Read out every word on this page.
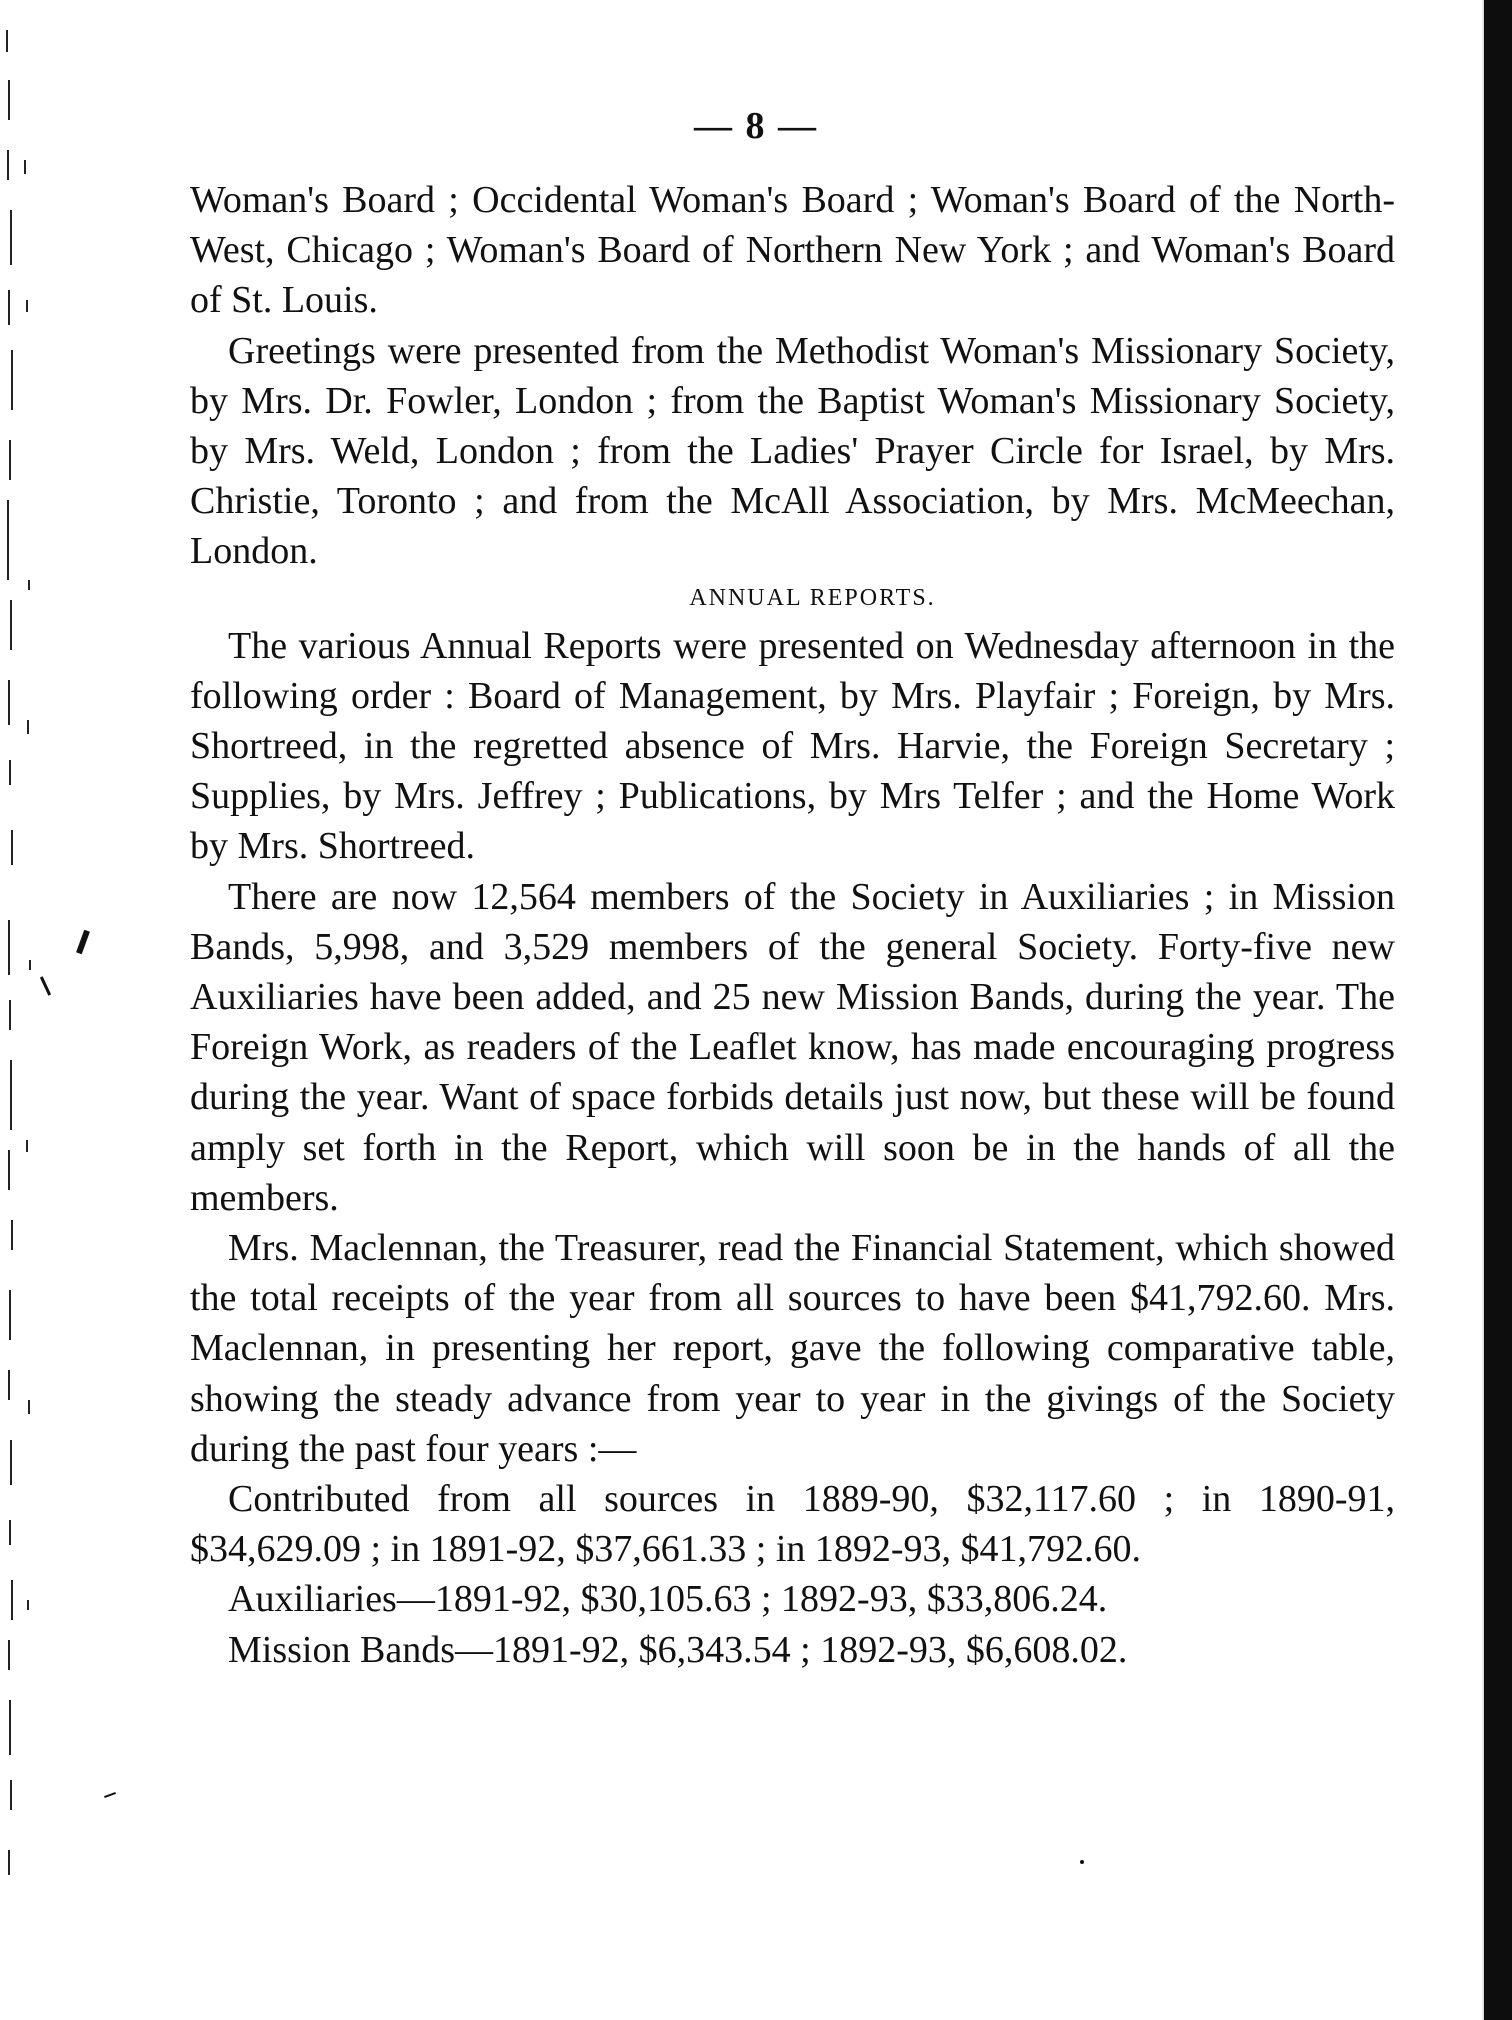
— 8 —

Woman's Board ; Occidental Woman's Board ; Woman's Board of the North-West, Chicago ; Woman's Board of Northern New York ; and Woman's Board of St. Louis.

Greetings were presented from the Methodist Woman's Missionary Society, by Mrs. Dr. Fowler, London ; from the Baptist Woman's Missionary Society, by Mrs. Weld, London ; from the Ladies' Prayer Circle for Israel, by Mrs. Christie, Toronto ; and from the McAll Association, by Mrs. McMeechan, London.

ANNUAL REPORTS.

The various Annual Reports were presented on Wednesday afternoon in the following order : Board of Management, by Mrs. Playfair ; Foreign, by Mrs. Shortreed, in the regretted absence of Mrs. Harvie, the Foreign Secretary ; Supplies, by Mrs. Jeffrey ; Publications, by Mrs Telfer ; and the Home Work by Mrs. Shortreed.

There are now 12,564 members of the Society in Auxiliaries ; in Mission Bands, 5,998, and 3,529 members of the general Society. Forty-five new Auxiliaries have been added, and 25 new Mission Bands, during the year. The Foreign Work, as readers of the Leaflet know, has made encouraging progress during the year. Want of space forbids details just now, but these will be found amply set forth in the Report, which will soon be in the hands of all the members.

Mrs. Maclennan, the Treasurer, read the Financial Statement, which showed the total receipts of the year from all sources to have been $41,792.60. Mrs. Maclennan, in presenting her report, gave the following comparative table, showing the steady advance from year to year in the givings of the Society during the past four years :—

Contributed from all sources in 1889-90, $32,117.60 ; in 1890-91, $34,629.09 ; in 1891-92, $37,661.33 ; in 1892-93, $41,792.60.

Auxiliaries—1891-92, $30,105.63 ; 1892-93, $33,806.24.

Mission Bands—1891-92, $6,343.54 ; 1892-93, $6,608.02.
